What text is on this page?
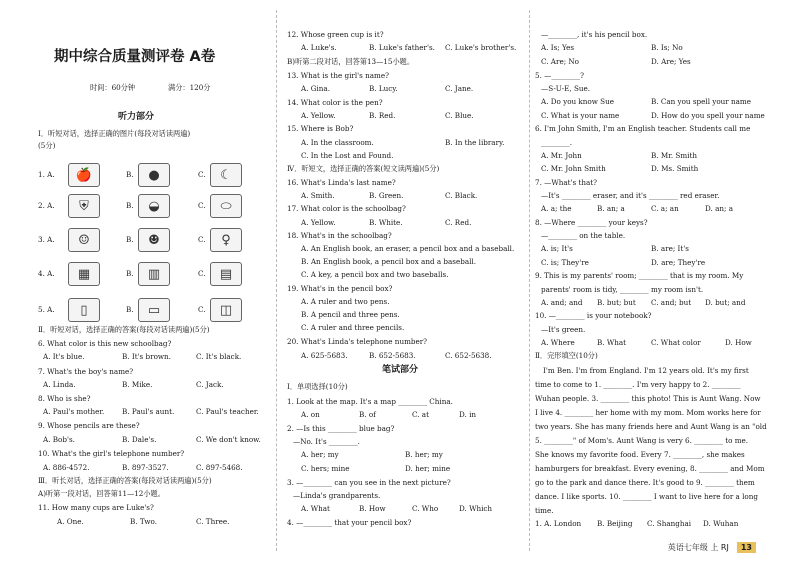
期中综合质量测评卷 A卷
时间：60分钟	满分：120分
听力部分
Ⅰ．听短对话，选择正确的图片(每段对话读两遍)
(5分)
1. A.	🍎	B.	●	C.	☾
2. A.	⛨	B.	◒	C.	⬭
3. A.	☺	B.	☻	C.	♀
4. A.	▦	B.	▥	C.	▤
5. A.	▯	B.	▭	C.	◫
Ⅱ．听短对话，选择正确的答案(每段对话读两遍)(5分)
6. What color is this new schoolbag?
A. It's blue.	B. It's brown.	C. It's black.
7. What's the boy's name?
A. Linda.	B. Mike.	C. Jack.
8. Who is she?
A. Paul's mother. B. Paul's aunt.	C. Paul's teacher.
9. Whose pencils are these?
A. Bob's.	B. Dale's.	C. We don't know.
10. What's the girl's telephone number?
A. 886-4572.	B. 897-3527.	C. 897-5468.
Ⅲ．听长对话，选择正确的答案(每段对话读两遍)(5分)
A)听第一段对话，回答第11—12小题。
11. How many cups are Luke's?
A. One.	B. Two.	C. Three.
12. Whose green cup is it?
A. Luke's.	B. Luke's father's. C. Luke's brother's.
B)听第二段对话，回答第13—15小题。
13. What is the girl's name?
A. Gina.	B. Lucy.	C. Jane.
14. What color is the pen?
A. Yellow.	B. Red.	C. Blue.
15. Where is Bob?
A. In the classroom.	B. In the library.
C. In the Lost and Found.
Ⅳ．听短文，选择正确的答案(短文读两遍)(5分)
16. What's Linda's last name?
A. Smith.	B. Green.	C. Black.
17. What color is the schoolbag?
A. Yellow.	B. White.	C. Red.
18. What's in the schoolbag?
A. An English book, an eraser, a pencil box and a baseball.
B. An English book, a pencil box and a baseball.
C. A key, a pencil box and two baseballs.
19. What's in the pencil box?
A. A ruler and two pens.
B. A pencil and three pens.
C. A ruler and three pencils.
20. What's Linda's telephone number?
A. 625-5683.	B. 652-5683.	C. 652-5638.
笔试部分
Ⅰ．单项选择(10分)
1. Look at the map. It's a map ________ China.
A. on	B. of	C. at	D. in
2. —Is this ________ blue bag?
—No. It's ________.
A. her; my	B. her; my
C. hers; mine	D. her; mine
3. —________ can you see in the next picture?
—Linda's grandparents.
A. What	B. How	C. Who	D. Which
4. —________ that your pencil box?
—________, it's his pencil box.
A. Is; Yes	B. Is; No
C. Are; No	D. Are; Yes
5. —________?
—S-U-E, Sue.
A. Do you know Sue	B. Can you spell your name
C. What is your name	D. How do you spell your name
6. I'm John Smith, I'm an English teacher. Students call me
________.
A. Mr. John	B. Mr. Smith
C. Mr. John Smith	D. Ms. Smith
7. —What's that?
—It's ________ eraser, and it's ________ red eraser.
A. a; the	B. an; a	C. a; an	D. an; a
8. —Where ________ your keys?
—________ on the table.
A. is; It's	B. are; It's
C. is; They're	D. are; They're
9. This is my parents' room; ________ that is my room. My
parents' room is tidy, ________ my room isn't.
A. and; and B. but; but C. and; but D. but; and
10. —________ is your notebook?
—It's green.
A. Where	B. What	C. What color	D. How
Ⅱ．完形填空(10分)
I'm Ben. I'm from England. I'm 12 years old. It's my first
time to come to 1. ________. I'm very happy to 2. ________
Wuhan people. 3. ________ this photo! This is Aunt Wang. Now
I live 4. ________ her home with my mom. Mom works here for
two years. She has many friends here and Aunt Wang is an "old
5. ________" of Mom's. Aunt Wang is very 6. ________ to me.
She knows my favorite food. Every 7. ________, she makes
hamburgers for breakfast. Every evening, 8. ________ and Mom
go to the park and dance there. It's good to 9. ________ them
dance. I like sports. 10. ________ I want to live here for a long
time.
1. A. London B. Beijing C. Shanghai D. Wuhan
英语七年级 上 RJ	13
